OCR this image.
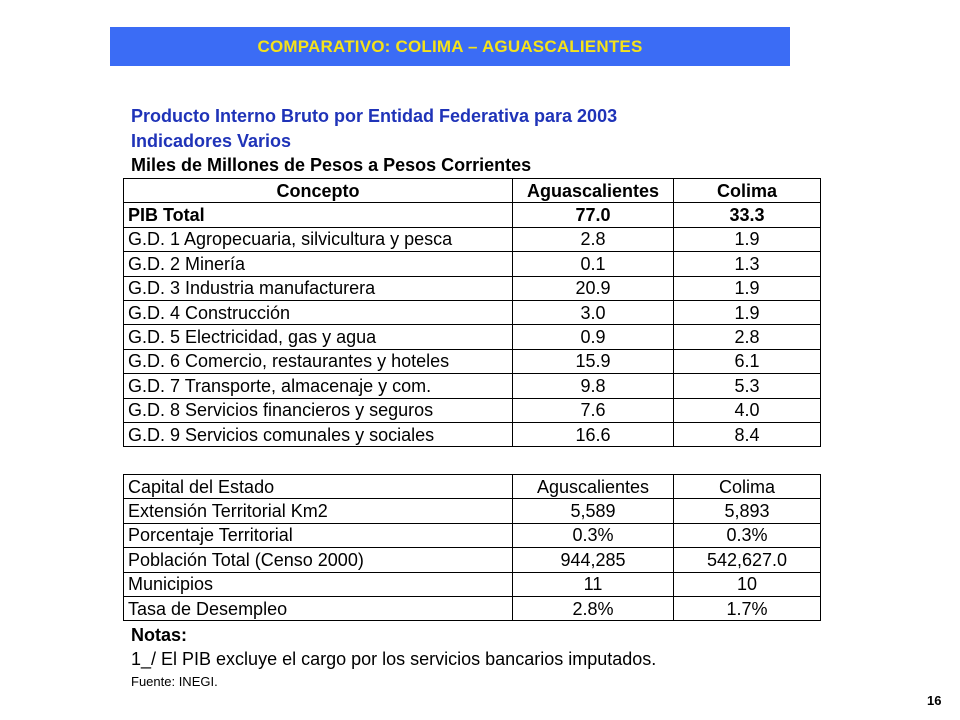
COMPARATIVO: COLIMA – AGUASCALIENTES
Producto Interno Bruto por Entidad Federativa para 2003
Indicadores Varios
Miles de Millones de Pesos a Pesos Corrientes
Concepto	Aguascalientes	Colima
PIB Total	77.0	33.3
G.D. 1 Agropecuaria, silvicultura y pesca	2.8	1.9
G.D. 2 Minería	0.1	1.3
G.D. 3 Industria manufacturera	20.9	1.9
G.D. 4 Construcción	3.0	1.9
G.D. 5 Electricidad, gas y agua	0.9	2.8
G.D. 6 Comercio, restaurantes y hoteles	15.9	6.1
G.D. 7 Transporte, almacenaje y com.	9.8	5.3
G.D. 8 Servicios financieros y seguros	7.6	4.0
G.D. 9 Servicios comunales y sociales	16.6	8.4
Capital del Estado	Aguscalientes	Colima
Extensión Territorial Km2	5,589	5,893
Porcentaje Territorial	0.3%	0.3%
Población Total (Censo 2000)	944,285	542,627.0
Municipios	11	10
Tasa de Desempleo	2.8%	1.7%
Notas:
1_/ El PIB excluye el cargo por los servicios bancarios imputados.
Fuente: INEGI.
16
